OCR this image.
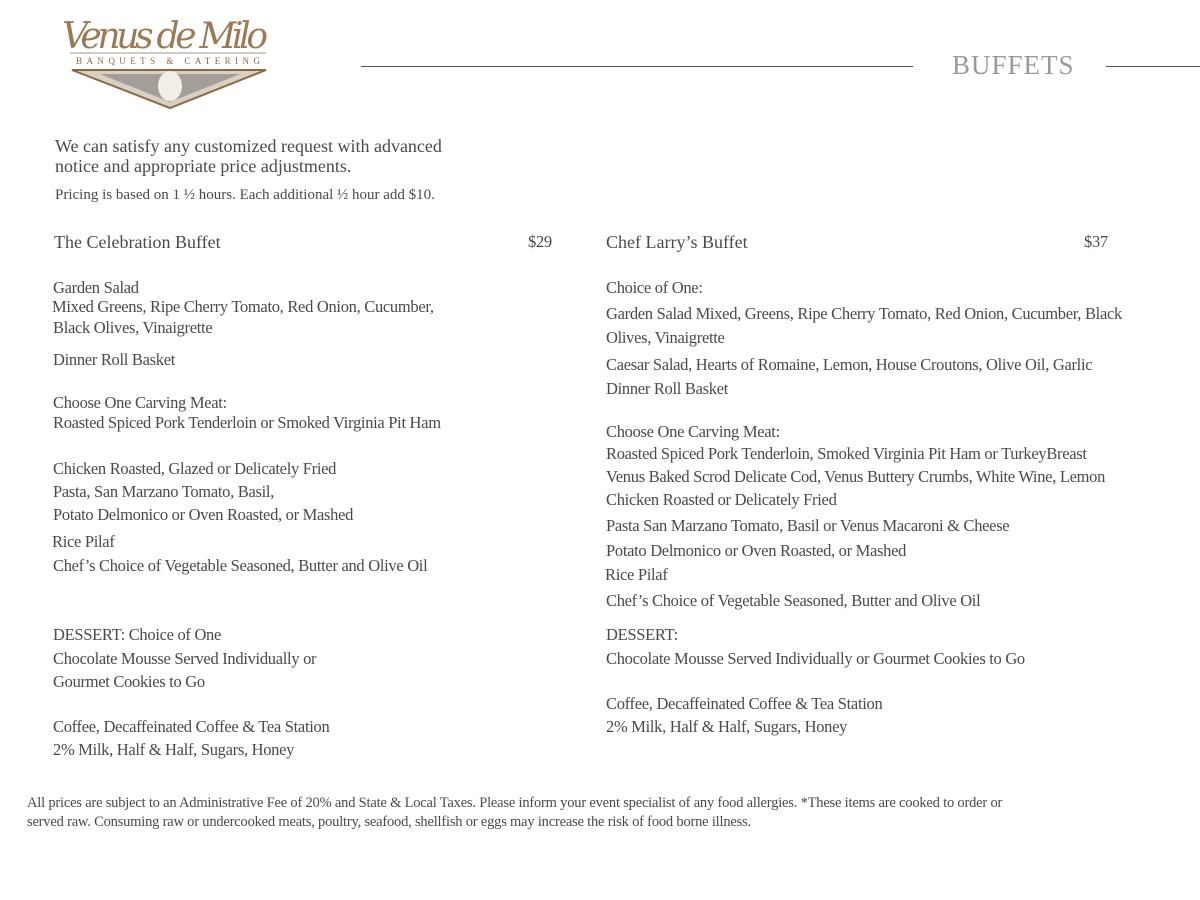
Venus de Milo
BANQUETS & CATERING	BUFFETS
We can satisfy any customized request with advanced
notice and appropriate price adjustments.
Pricing is based on 1 ½ hours. Each additional ½ hour add $10.
The Celebration Buffet	$29	Chef Larry’s Buffet	$37
Garden Salad
Mixed Greens, Ripe Cherry Tomato, Red Onion, Cucumber,
Black Olives, Vinaigrette
Dinner Roll Basket
Choose One Carving Meat:
Roasted Spiced Pork Tenderloin or Smoked Virginia Pit Ham
Chicken Roasted, Glazed or Delicately Fried
Pasta, San Marzano Tomato, Basil,
Potato Delmonico or Oven Roasted, or Mashed
Rice Pilaf
Chef’s Choice of Vegetable Seasoned, Butter and Olive Oil
DESSERT: Choice of One
Chocolate Mousse Served Individually or
Gourmet Cookies to Go
Coffee, Decaffeinated Coffee & Tea Station
2% Milk, Half & Half, Sugars, Honey
Choice of One:
Garden Salad Mixed, Greens, Ripe Cherry Tomato, Red Onion, Cucumber, Black
Olives, Vinaigrette
Caesar Salad, Hearts of Romaine, Lemon, House Croutons, Olive Oil, Garlic
Dinner Roll Basket
Choose One Carving Meat:
Roasted Spiced Pork Tenderloin, Smoked Virginia Pit Ham or TurkeyBreast
Venus Baked Scrod Delicate Cod, Venus Buttery Crumbs, White Wine, Lemon
Chicken Roasted or Delicately Fried
Pasta San Marzano Tomato, Basil or Venus Macaroni & Cheese
Potato Delmonico or Oven Roasted, or Mashed
Rice Pilaf
Chef’s Choice of Vegetable Seasoned, Butter and Olive Oil
DESSERT:
Chocolate Mousse Served Individually or Gourmet Cookies to Go
Coffee, Decaffeinated Coffee & Tea Station
2% Milk, Half & Half, Sugars, Honey
All prices are subject to an Administrative Fee of 20% and State & Local Taxes. Please inform your event specialist of any food allergies. *These items are cooked to order or
served raw. Consuming raw or undercooked meats, poultry, seafood, shellfish or eggs may increase the risk of food borne illness.
